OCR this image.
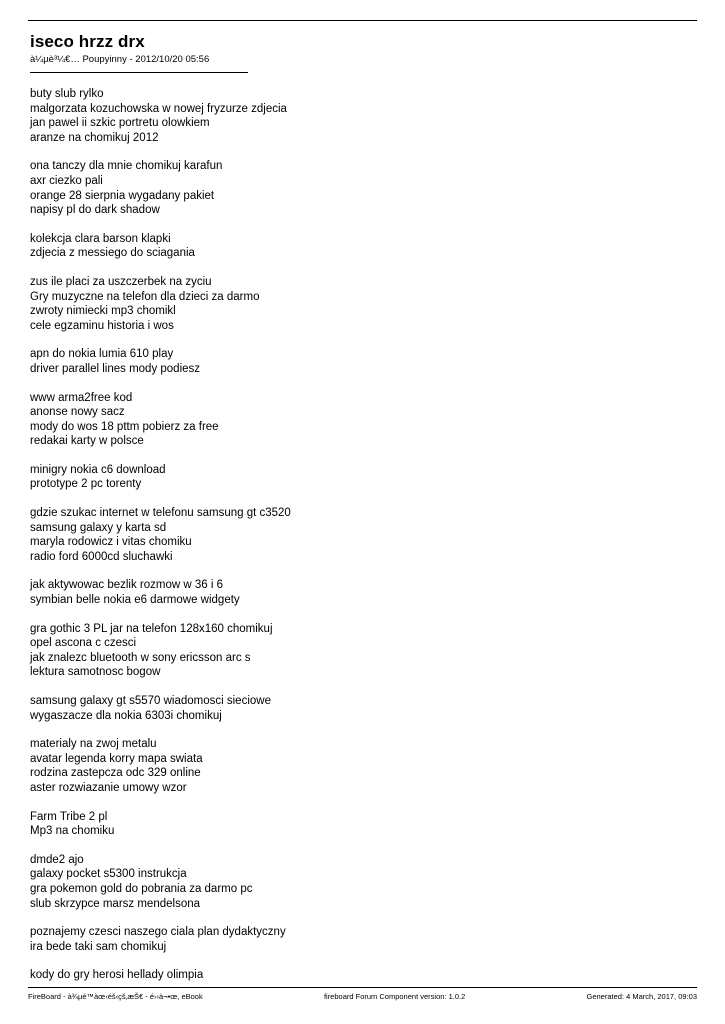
iseco hrzz drx
à¼µè³¼€… Poupyinny - 2012/10/20 05:56

buty slub rylko
malgorzata kozuchowska w nowej fryzurze zdjecia
jan pawel ii szkic portretu olowkiem
aranze na chomikuj 2012

ona tanczy dla mnie chomikuj karafun
axr ciezko pali
orange 28 sierpnia wygadany pakiet
napisy pl do dark shadow

kolekcja clara barson klapki
zdjecia z messiego do sciagania

zus ile placi za uszczerbek na zyciu
Gry muzyczne na telefon dla dzieci za darmo
zwroty nimiecki mp3 chomikl
cele egzaminu historia i wos

apn do nokia lumia 610 play
driver parallel lines mody podiesz

www arma2free kod
anonse nowy sacz
mody do wos 18 pttm pobierz za free
redakai karty w polsce

minigry nokia c6 download
prototype 2 pc torenty

gdzie szukac internet w telefonu samsung gt c3520
samsung galaxy y karta sd
maryla rodowicz i vitas chomiku
radio ford 6000cd sluchawki

jak aktywowac bezlik rozmow w 36 i 6
symbian belle nokia e6 darmowe widgety

gra gothic 3 PL jar na telefon 128x160 chomikuj
opel ascona c czesci
jak znalezc bluetooth w sony ericsson arc s
lektura samotnosc bogow

samsung galaxy gt s5570 wiadomosci sieciowe
wygaszacze dla nokia 6303i chomikuj

materialy na zwoj metalu
avatar legenda korry mapa swiata
rodzina zastepcza odc 329 online
aster rozwiazanie umowy wzor

Farm Tribe 2 pl
Mp3 na chomiku

dmde2 ajo
galaxy pocket s5300 instrukcja
gra pokemon gold do pobrania za darmo pc
slub skrzypce marsz mendelsona

poznajemy czesci naszego ciala plan dydaktyczny
ira bede taki sam chomikuj

kody do gry herosi hellady olimpia

FireBoard - à¾µé™àœ‹éš‹çš‚æŠ€ - é››à¬•œ, eBook	fireboard Forum Component version: 1.0.2	Generated: 4 March, 2017, 09:03
